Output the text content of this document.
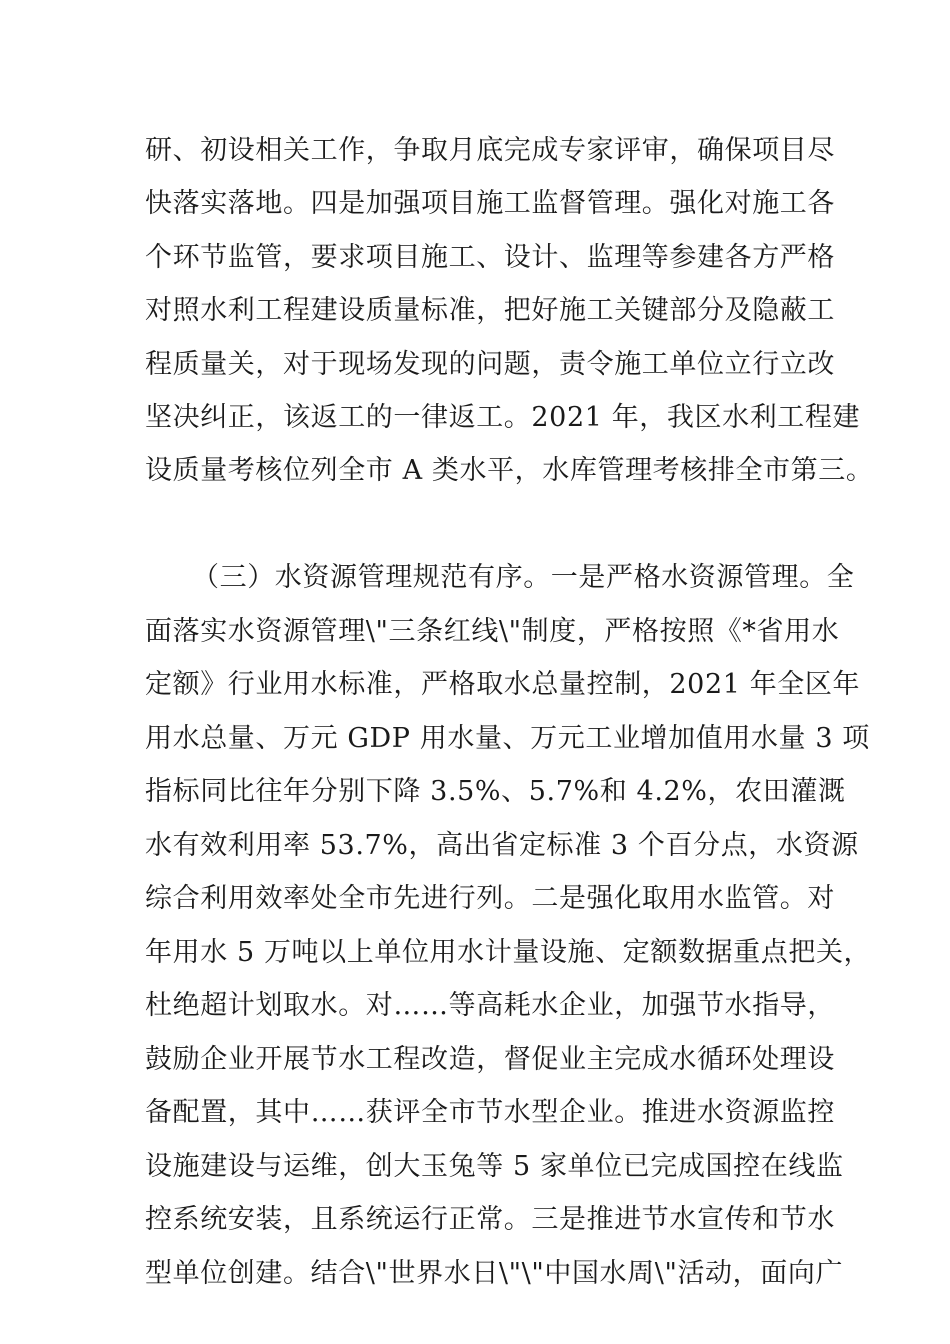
研、初设相关工作，争取月底完成专家评审，确保项目尽
快落实落地。四是加强项目施工监督管理。强化对施工各
个环节监管，要求项目施工、设计、监理等参建各方严格
对照水利工程建设质量标准，把好施工关键部分及隐蔽工
程质量关，对于现场发现的问题，责令施工单位立行立改
坚决纠正，该返工的一律返工。2021 年，我区水利工程建
设质量考核位列全市 A 类水平，水库管理考核排全市第三。
（三）水资源管理规范有序。一是严格水资源管理。全
面落实水资源管理\"三条红线\"制度，严格按照《*省用水
定额》行业用水标准，严格取水总量控制，2021 年全区年
用水总量、万元 GDP 用水量、万元工业增加值用水量 3 项
指标同比往年分别下降 3.5%、5.7%和 4.2%，农田灌溉
水有效利用率 53.7%，高出省定标准 3 个百分点，水资源
综合利用效率处全市先进行列。二是强化取用水监管。对
年用水 5 万吨以上单位用水计量设施、定额数据重点把关，
杜绝超计划取水。对……等高耗水企业，加强节水指导，
鼓励企业开展节水工程改造，督促业主完成水循环处理设
备配置，其中……获评全市节水型企业。推进水资源监控
设施建设与运维，创大玉兔等 5 家单位已完成国控在线监
控系统安装，且系统运行正常。三是推进节水宣传和节水
型单位创建。结合\"世界水日\"\"中国水周\"活动，面向广
